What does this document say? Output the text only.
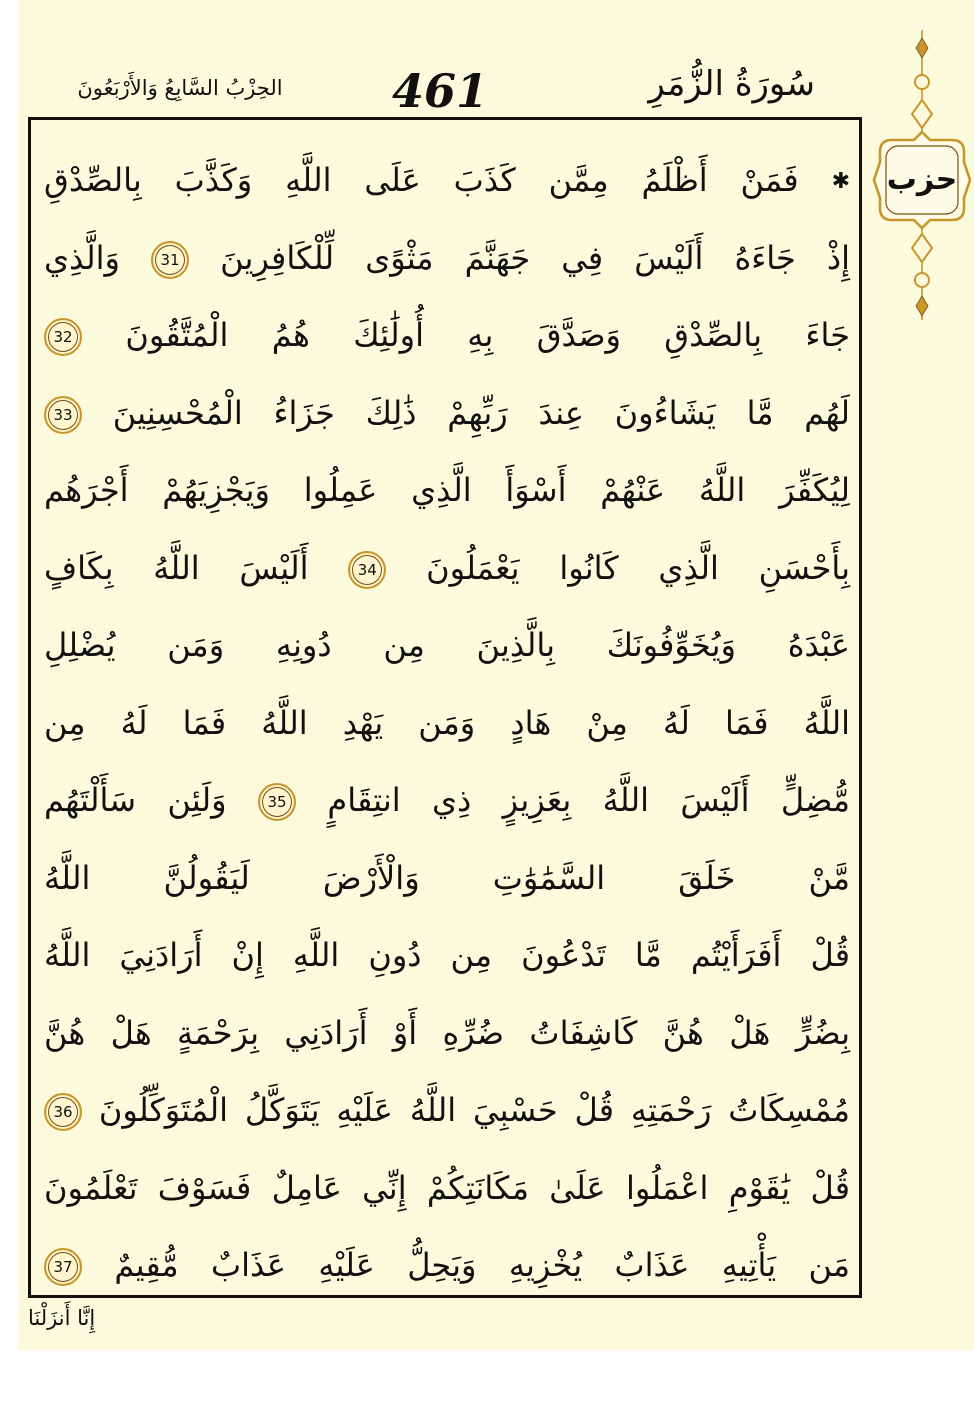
سُورَةُ الزُّمَرِ
461
الحِزْبُ السَّابِعُ وَالأَرْبَعُونَ
✱ فَمَنْ أَظْلَمُ مِمَّن كَذَبَ عَلَى اللَّهِ وَكَذَّبَ بِالصِّدْقِ
إِذْ جَاءَهُ أَلَيْسَ فِي جَهَنَّمَ مَثْوًى لِّلْكَافِرِينَ 31 وَالَّذِي
جَاءَ بِالصِّدْقِ وَصَدَّقَ بِهِ أُولَٰئِكَ هُمُ الْمُتَّقُونَ 32
لَهُم مَّا يَشَاءُونَ عِندَ رَبِّهِمْ ذَٰلِكَ جَزَاءُ الْمُحْسِنِينَ 33
لِيُكَفِّرَ اللَّهُ عَنْهُمْ أَسْوَأَ الَّذِي عَمِلُوا وَيَجْزِيَهُمْ أَجْرَهُم
بِأَحْسَنِ الَّذِي كَانُوا يَعْمَلُونَ 34 أَلَيْسَ اللَّهُ بِكَافٍ
عَبْدَهُ وَيُخَوِّفُونَكَ بِالَّذِينَ مِن دُونِهِ وَمَن يُضْلِلِ
اللَّهُ فَمَا لَهُ مِنْ هَادٍ وَمَن يَهْدِ اللَّهُ فَمَا لَهُ مِن
مُّضِلٍّ أَلَيْسَ اللَّهُ بِعَزِيزٍ ذِي انتِقَامٍ 35 وَلَئِن سَأَلْتَهُم
مَّنْ خَلَقَ السَّمَٰوَٰتِ وَالْأَرْضَ لَيَقُولُنَّ اللَّهُ
قُلْ أَفَرَأَيْتُم مَّا تَدْعُونَ مِن دُونِ اللَّهِ إِنْ أَرَادَنِيَ اللَّهُ
بِضُرٍّ هَلْ هُنَّ كَاشِفَاتُ ضُرِّهِ أَوْ أَرَادَنِي بِرَحْمَةٍ هَلْ هُنَّ
مُمْسِكَاتُ رَحْمَتِهِ قُلْ حَسْبِيَ اللَّهُ عَلَيْهِ يَتَوَكَّلُ الْمُتَوَكِّلُونَ 36
قُلْ يَٰقَوْمِ اعْمَلُوا عَلَىٰ مَكَانَتِكُمْ إِنِّي عَامِلٌ فَسَوْفَ تَعْلَمُونَ
مَن يَأْتِيهِ عَذَابٌ يُخْزِيهِ وَيَحِلُّ عَلَيْهِ عَذَابٌ مُّقِيمٌ 37
حزب
إِنَّا أَنزَلْنَا
